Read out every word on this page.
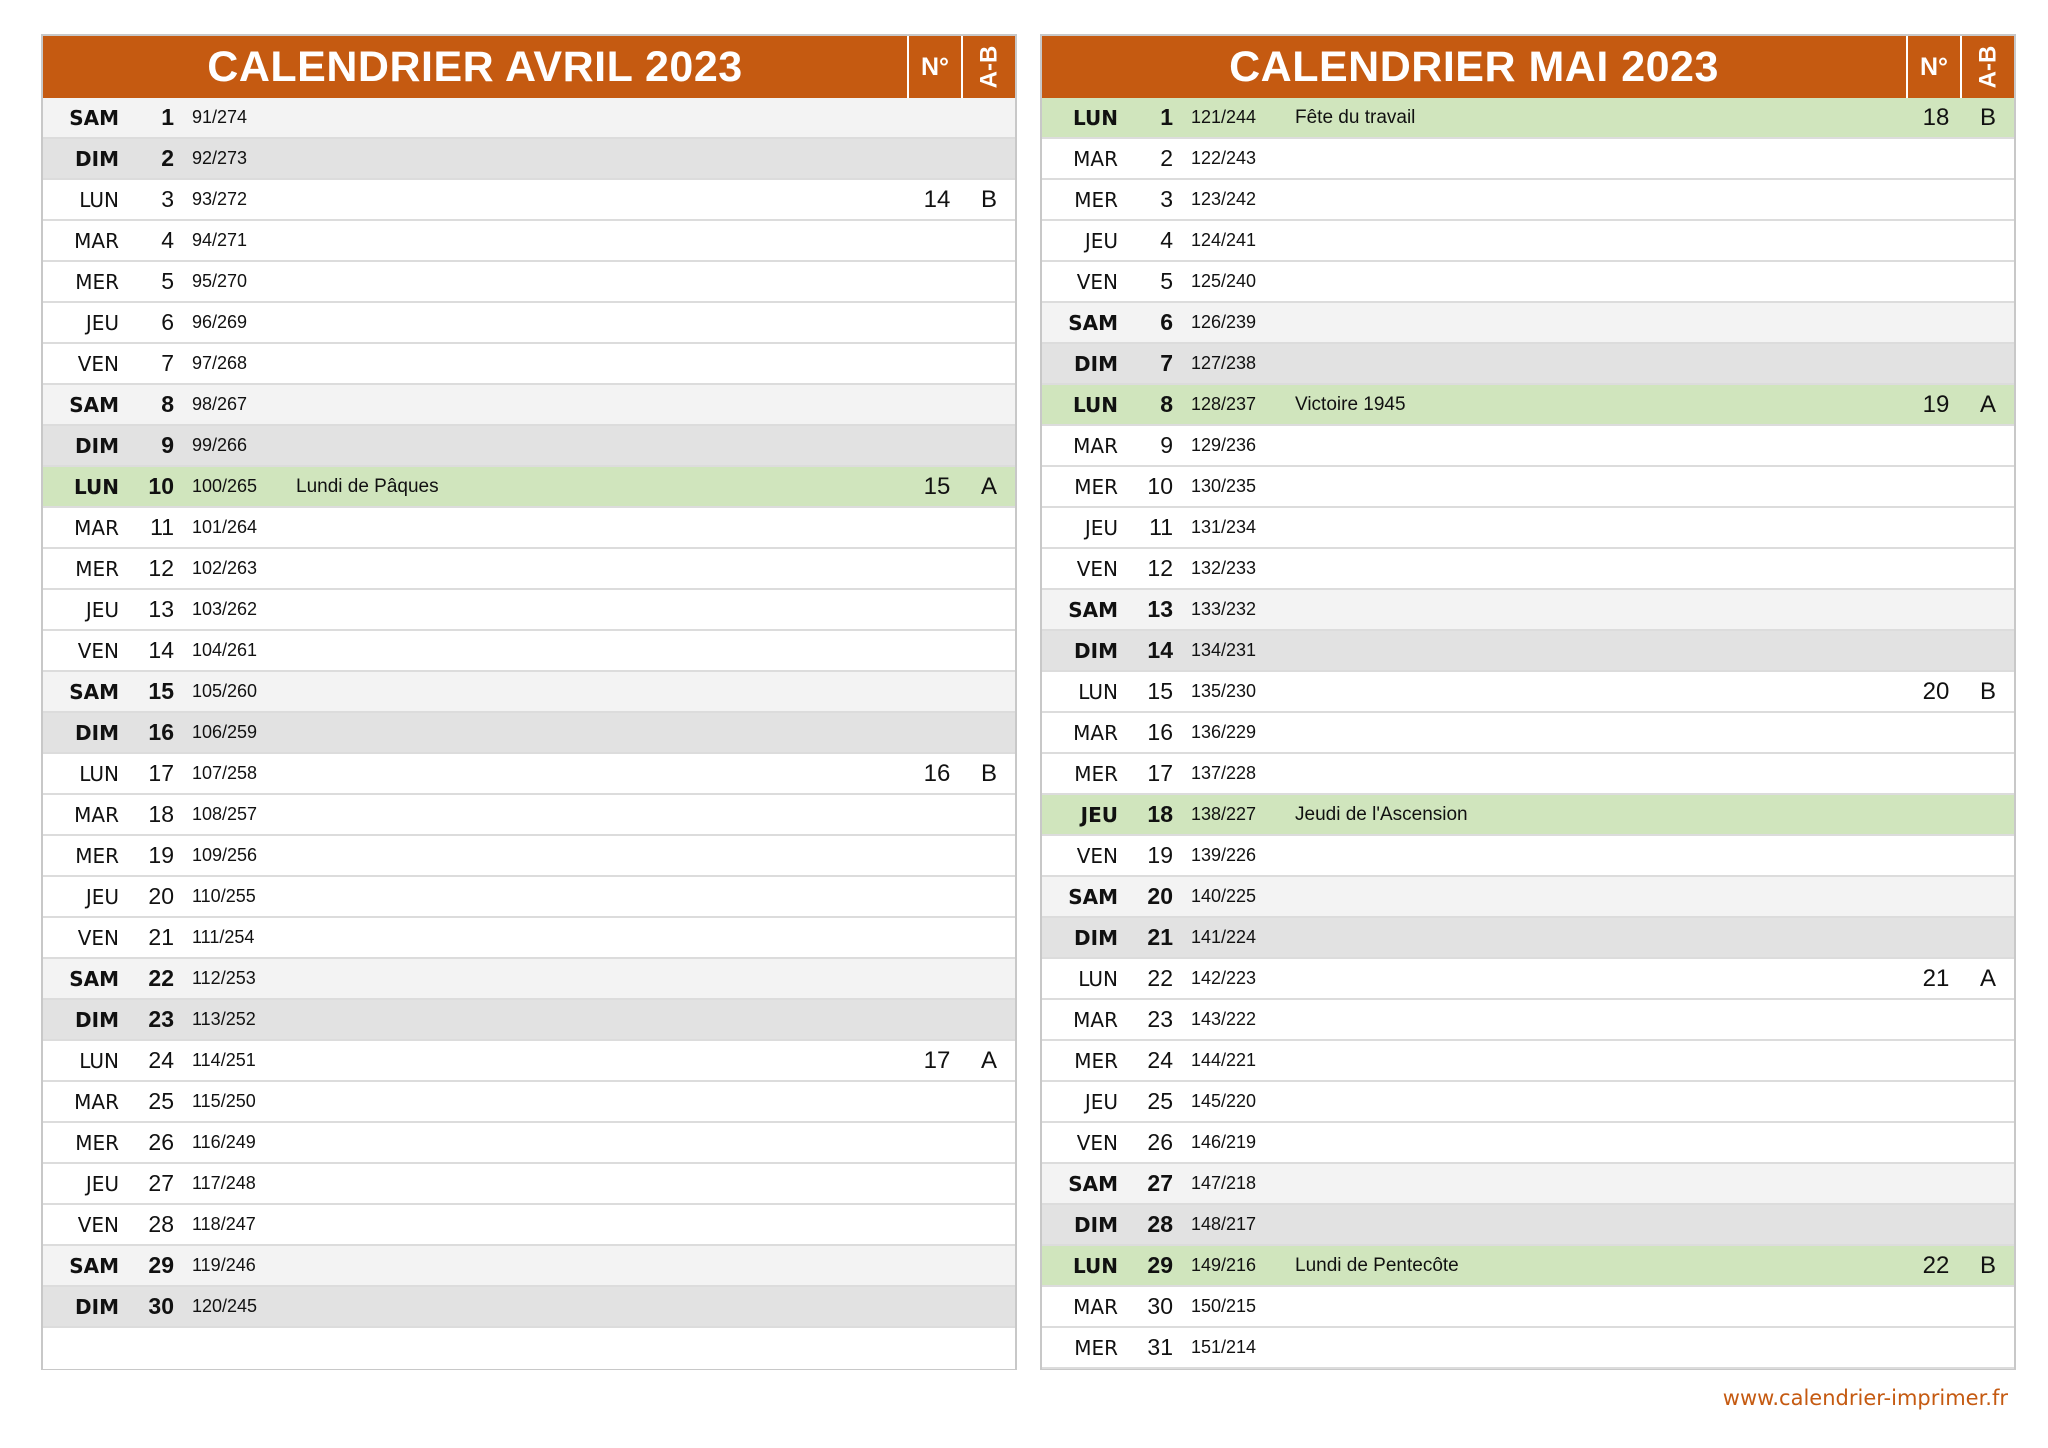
CALENDRIER AVRIL 2023	N°	A-B
SAM	1	91/274
DIM	2	92/273
LUN	3	93/272	14	B
MAR	4	94/271
MER	5	95/270
JEU	6	96/269
VEN	7	97/268
SAM	8	98/267
DIM	9	99/266
LUN	10	100/265	Lundi de Pâques	15	A
MAR	11	101/264
MER	12	102/263
JEU	13	103/262
VEN	14	104/261
SAM	15	105/260
DIM	16	106/259
LUN	17	107/258	16	B
MAR	18	108/257
MER	19	109/256
JEU	20	110/255
VEN	21	111/254
SAM	22	112/253
DIM	23	113/252
LUN	24	114/251	17	A
MAR	25	115/250
MER	26	116/249
JEU	27	117/248
VEN	28	118/247
SAM	29	119/246
DIM	30	120/245
CALENDRIER MAI 2023	N°	A-B
LUN	1	121/244	Fête du travail	18	B
MAR	2	122/243
MER	3	123/242
JEU	4	124/241
VEN	5	125/240
SAM	6	126/239
DIM	7	127/238
LUN	8	128/237	Victoire 1945	19	A
MAR	9	129/236
MER	10	130/235
JEU	11	131/234
VEN	12	132/233
SAM	13	133/232
DIM	14	134/231
LUN	15	135/230	20	B
MAR	16	136/229
MER	17	137/228
JEU	18	138/227	Jeudi de l'Ascension
VEN	19	139/226
SAM	20	140/225
DIM	21	141/224
LUN	22	142/223	21	A
MAR	23	143/222
MER	24	144/221
JEU	25	145/220
VEN	26	146/219
SAM	27	147/218
DIM	28	148/217
LUN	29	149/216	Lundi de Pentecôte	22	B
MAR	30	150/215
MER	31	151/214
www.calendrier-imprimer.fr
